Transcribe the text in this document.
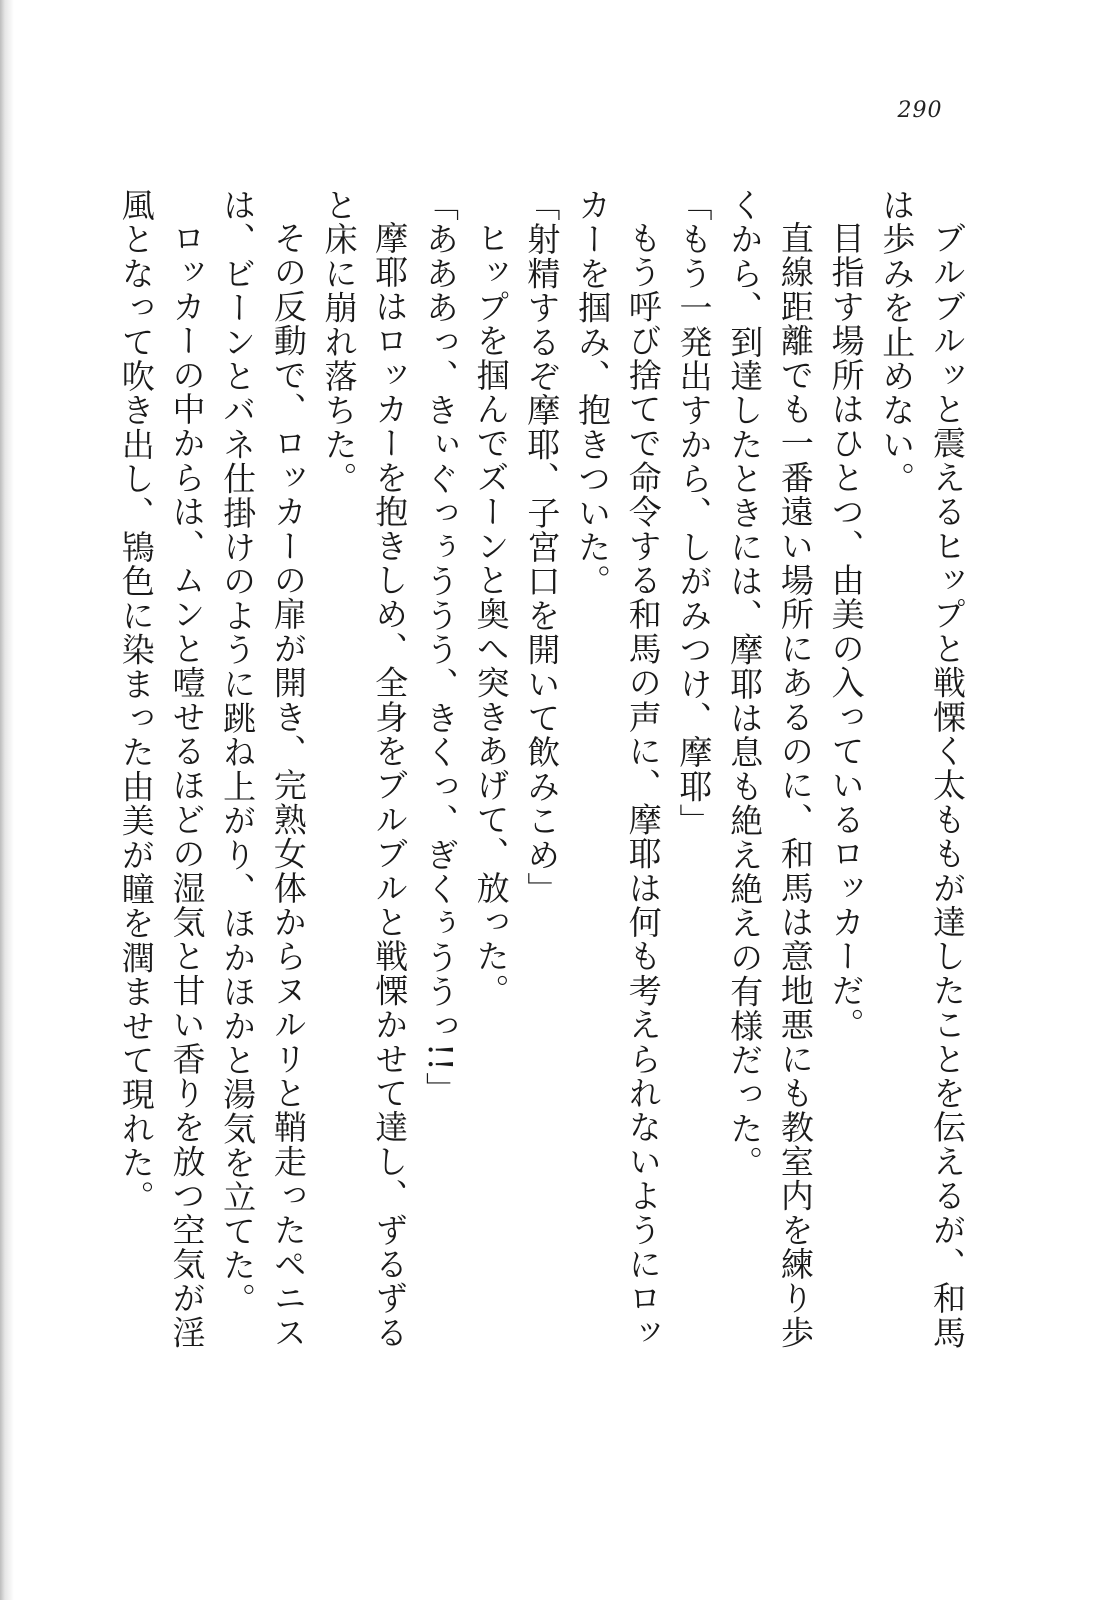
290

ブルブルッと震えるヒップと戦慄く太ももが達したことを伝えるが、和馬は歩みを止めない。

目指す場所はひとつ、由美の入っているロッカーだ。

直線距離でも一番遠い場所にあるのに、和馬は意地悪にも教室内を練り歩くから、到達したときには、摩耶は息も絶え絶えの有様だった。

「もう一発出すから、しがみつけ、摩耶」

もう呼び捨てで命令する和馬の声に、摩耶は何も考えられないようにロッカーを掴み、抱きついた。

「射精するぞ摩耶、子宮口を開いて飲みこめ」

ヒップを掴んでズーンと奥へ突きあげて、放った。

「あああっ、きぃぐっぅううう、きくっ、ぎくぅううっ!!」

摩耶はロッカーを抱きしめ、全身をブルブルと戦慄かせて達し、ずるずると床に崩れ落ちた。

その反動で、ロッカーの扉が開き、完熟女体からヌルリと鞘走ったペニスは、ビーンとバネ仕掛けのように跳ね上がり、ほかほかと湯気を立てた。

ロッカーの中からは、ムンと噎せるほどの湿気と甘い香りを放つ空気が淫風となって吹き出し、鴇色に染まった由美が瞳を潤ませて現れた。
